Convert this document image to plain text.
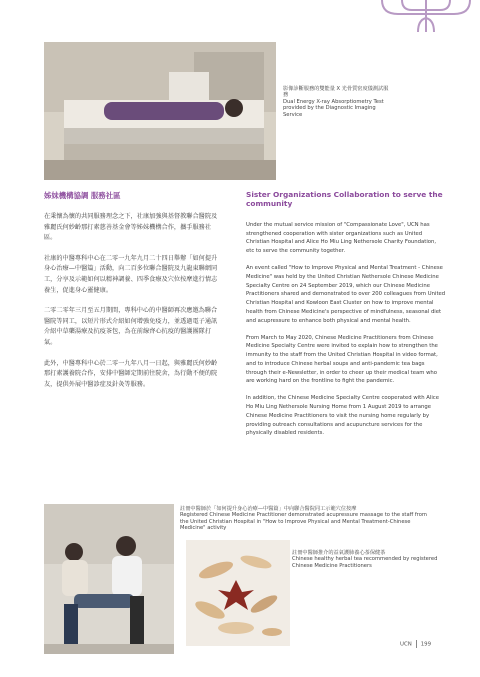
影像診斷服務的雙能量 X 光骨質密度儀測試服務
Dual Energy X-ray Absorptiometry Test provided by the Diagnostic Imaging Service
姊妹機構協調 服務社區	Sister Organizations Collaboration to serve the community

在秉懷為懷的共同服務理念之下，社康加強與基督教聯合醫院及雅麗氏何妙齡那打素慈善基金會等姊妹機構合作，攜手服務社區。

社康的中醫專科中心在二零一九年九月二十四日舉辦「如何提升身心治療—中醫篇」活動，向二百多位聯合醫院及九龍東聯網同工，分享及示範如何以精神調養、四季食療及穴位按摩進行情志養生，促進身心靈健康。

二零二零年三月至五月期間，專科中心的中醫師再次應邀為聯合醫院等同工，以短片形式介紹如何增強免疫力，並透過電子通訊介紹中草藥湯療及抗疫茶包，為在前線齊心抗疫的醫護團隊打氣。

此外，中醫專科中心於二零一九年八月一日起，與雅麗氏何妙齡那打素護養院合作，安排中醫師定期前往院舍，為行動不便的院友，提供外展中醫診症及針灸等服務。

Under the mutual service mission of "Compassionate Love", UCN has strengthened cooperation with sister organizations such as United Christian Hospital and Alice Ho Miu Ling Nethersole Charity Foundation, etc to serve the community together.

An event called "How to Improve Physical and Mental Treatment - Chinese Medicine" was held by the United Christian Nethersole Chinese Medicine Specialty Centre on 24 September 2019, which our Chinese Medicine Practitioners shared and demonstrated to over 200 colleagues from United Christian Hospital and Kowloon East Cluster on how to improve mental health from Chinese Medicine's perspective of mindfulness, seasonal diet and acupressure to enhance both physical and mental health.

From March to May 2020, Chinese Medicine Practitioners from Chinese Medicine Specialty Centre were invited to explain how to strengthen the immunity to the staff from the United Christian Hospital in video format, and to introduce Chinese herbal soups and anti-pandemic tea bags through their e-Newsletter, in order to cheer up their medical team who are working hard on the frontline to fight the pandemic.

In addition, the Chinese Medicine Specialty Centre cooperated with Alice Ho Miu Ling Nethersole Nursing Home from 1 August 2019 to arrange Chinese Medicine Practitioners to visit the nursing home regularly by providing outreach consultations and acupuncture services for the physically disabled residents.

註冊中醫師於「如何提升身心治療—中醫篇」中向聯合醫院同工示範穴位按摩
Registered Chinese Medicine Practitioner demonstrated acupressure massage to the staff from the United Christian Hospital in "How to Improve Physical and Mental Treatment-Chinese Medicine" activity
註冊中醫師推介的益氣護肺養心茶保健茶
Chinese healthy herbal tea recommended by registered Chinese Medicine Practitioners
UCN 199
